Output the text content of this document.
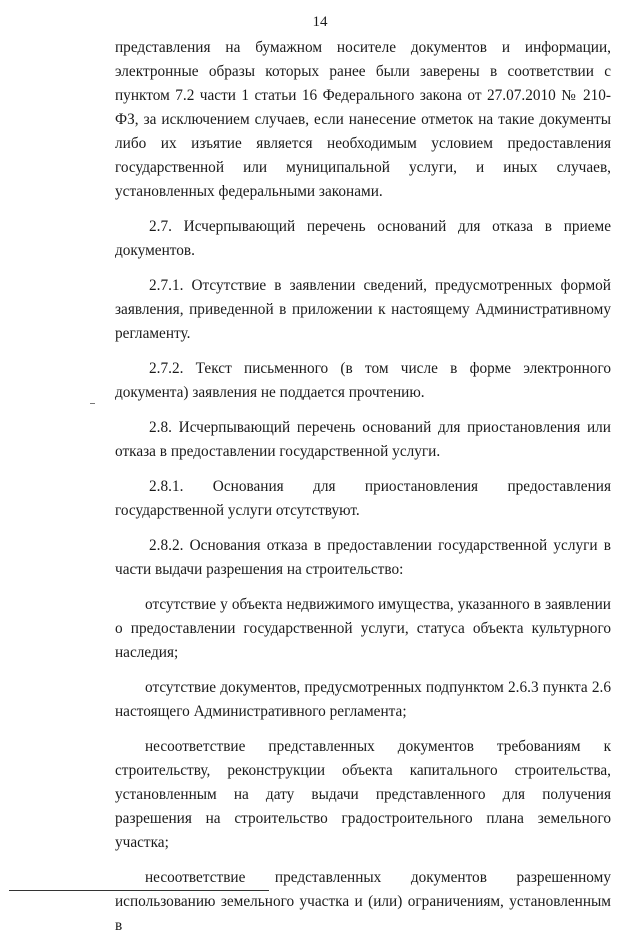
14

представления на бумажном носителе документов и информации, электронные образы которых ранее были заверены в соответствии с пунктом 7.2 части 1 статьи 16 Федерального закона от 27.07.2010 № 210-ФЗ, за исключением случаев, если нанесение отметок на такие документы либо их изъятие является необходимым условием предоставления государственной или муниципальной услуги, и иных случаев, установленных федеральными законами.

2.7. Исчерпывающий перечень оснований для отказа в приеме документов.

2.7.1. Отсутствие в заявлении сведений, предусмотренных формой заявления, приведенной в приложении к настоящему Административному регламенту.

2.7.2. Текст письменного (в том числе в форме электронного документа) заявления не поддается прочтению.

2.8. Исчерпывающий перечень оснований для приостановления или отказа в предоставлении государственной услуги.

2.8.1. Основания для приостановления предоставления государственной услуги отсутствуют.

2.8.2. Основания отказа в предоставлении государственной услуги в части выдачи разрешения на строительство:

отсутствие у объекта недвижимого имущества, указанного в заявлении о предоставлении государственной услуги, статуса объекта культурного наследия;

отсутствие документов, предусмотренных подпунктом 2.6.3 пункта 2.6 настоящего Административного регламента;

несоответствие представленных документов требованиям к строительству, реконструкции объекта капитального строительства, установленным на дату выдачи представленного для получения разрешения на строительство градостроительного плана земельного участка;

несоответствие представленных документов разрешенному использованию земельного участка и (или) ограничениям, установленным в
